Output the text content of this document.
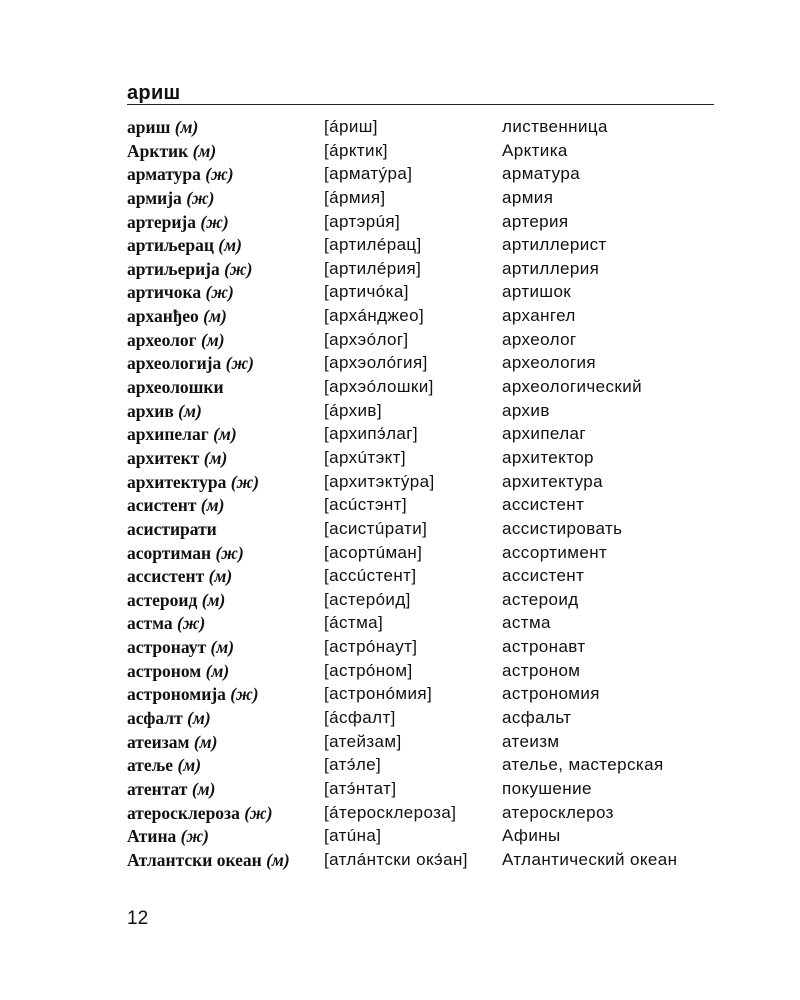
ариш
ариш (м)	[áриш]	лиственница
Арктик (м)	[áрктик]	Арктика
арматура (ж)	[арматýра]	арматура
армија (ж)	[áрмия]	армия
артерија (ж)	[артэрúя]	артерия
артиљерац (м)	[артилéрац]	артиллерист
артиљерија (ж)	[артилéрия]	артиллерия
артичока (ж)	[артичóка]	артишок
арханђео (м)	[архáнджео]	архангел
археолог (м)	[архэóлог]	археолог
археологија (ж)	[архэолóгия]	археология
археолошки	[архэóлошки]	археологический
архив (м)	[áрхив]	архив
архипелаг (м)	[архипэ́лаг]	архипелаг
архитект (м)	[архúтэкт]	архитектор
архитектура (ж)	[архитэктýра]	архитектура
асистент (м)	[асúстэнт]	ассистент
асистирати	[асистúрати]	ассистировать
асортиман (ж)	[асортúман]	ассортимент
ассистент (м)	[ассúстент]	ассистент
астероид (м)	[астерóид]	астероид
астма (ж)	[áстма]	астма
астронаут (м)	[астрóнаут]	астронавт
астроном (м)	[астрóном]	астроном
астрономија (ж)	[астронóмия]	астрономия
асфалт (м)	[áсфалт]	асфальт
атеизам (м)	[атейзам]	атеизм
атеље (м)	[атэ́ле]	ателье, мастерская
атентат (м)	[атэ́нтат]	покушение
атеросклероза (ж)	[áтеросклероза]	атеросклероз
Атина (ж)	[атúна]	Афины
Атлантски океан (м)	[атлáнтски окэ́ан]	Атлантический океан
12
